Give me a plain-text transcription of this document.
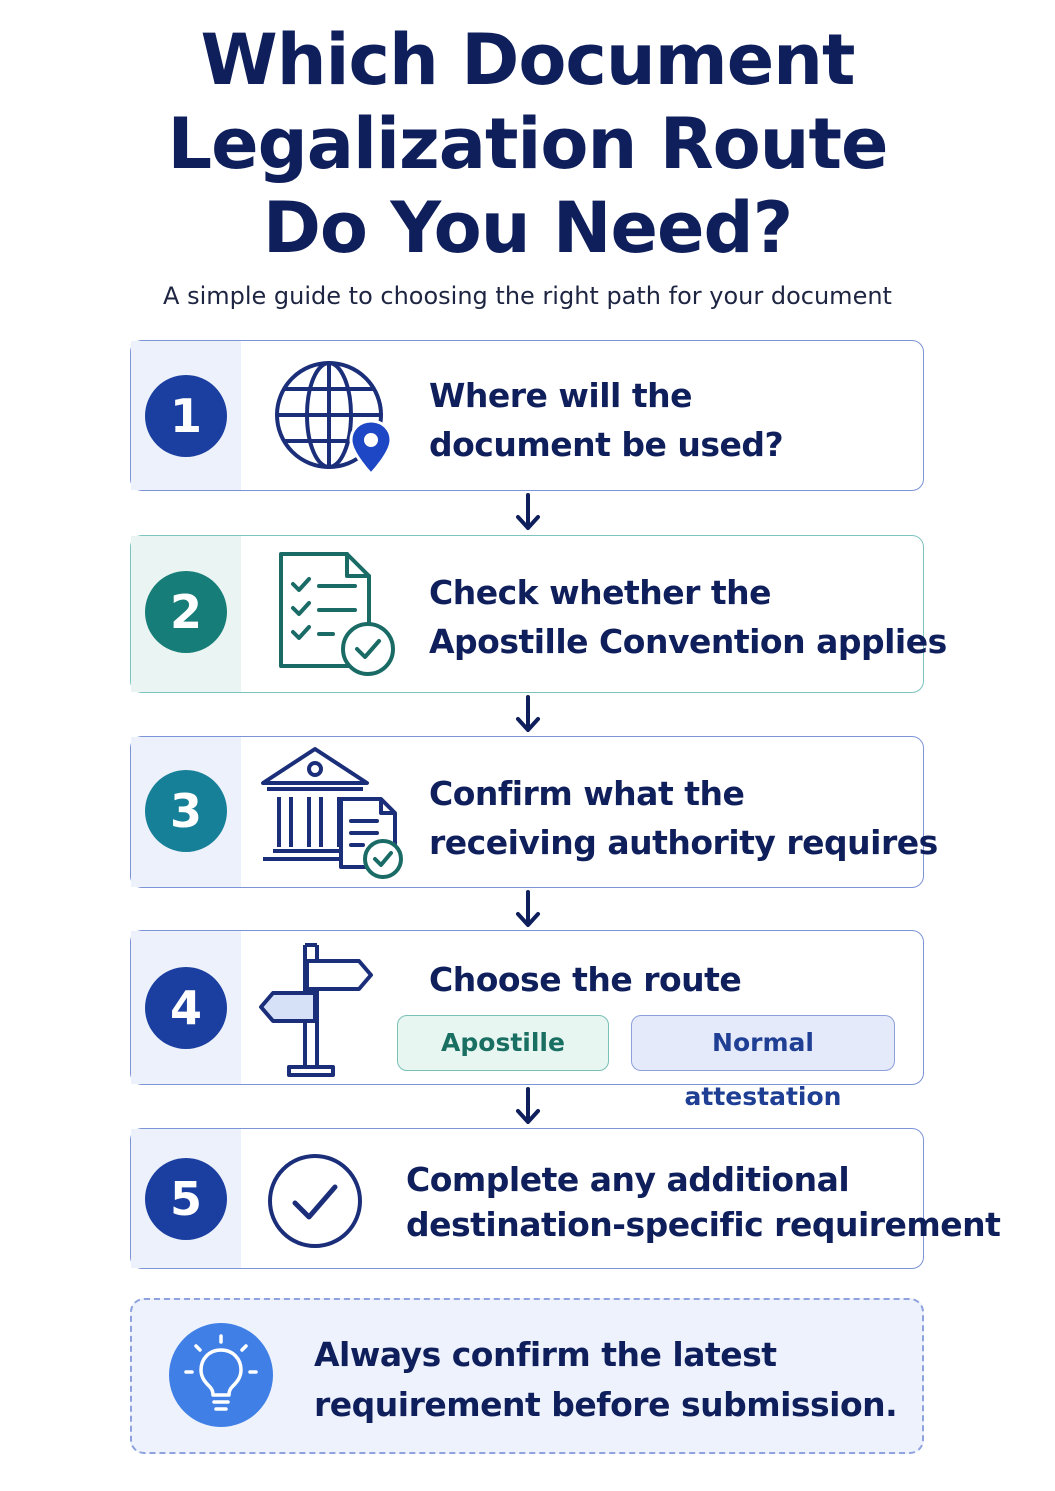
Which Document
Legalization Route
Do You Need?

A simple guide to choosing the right path for your document

1	Where will the
document be used?

2	Check whether the
Apostille Convention applies

3	Confirm what the
receiving authority requires

4

Choose the route

Apostille	Normal attestation
5	Complete any additional
destination-specific requirement

Always confirm the latest
requirement before submission.
